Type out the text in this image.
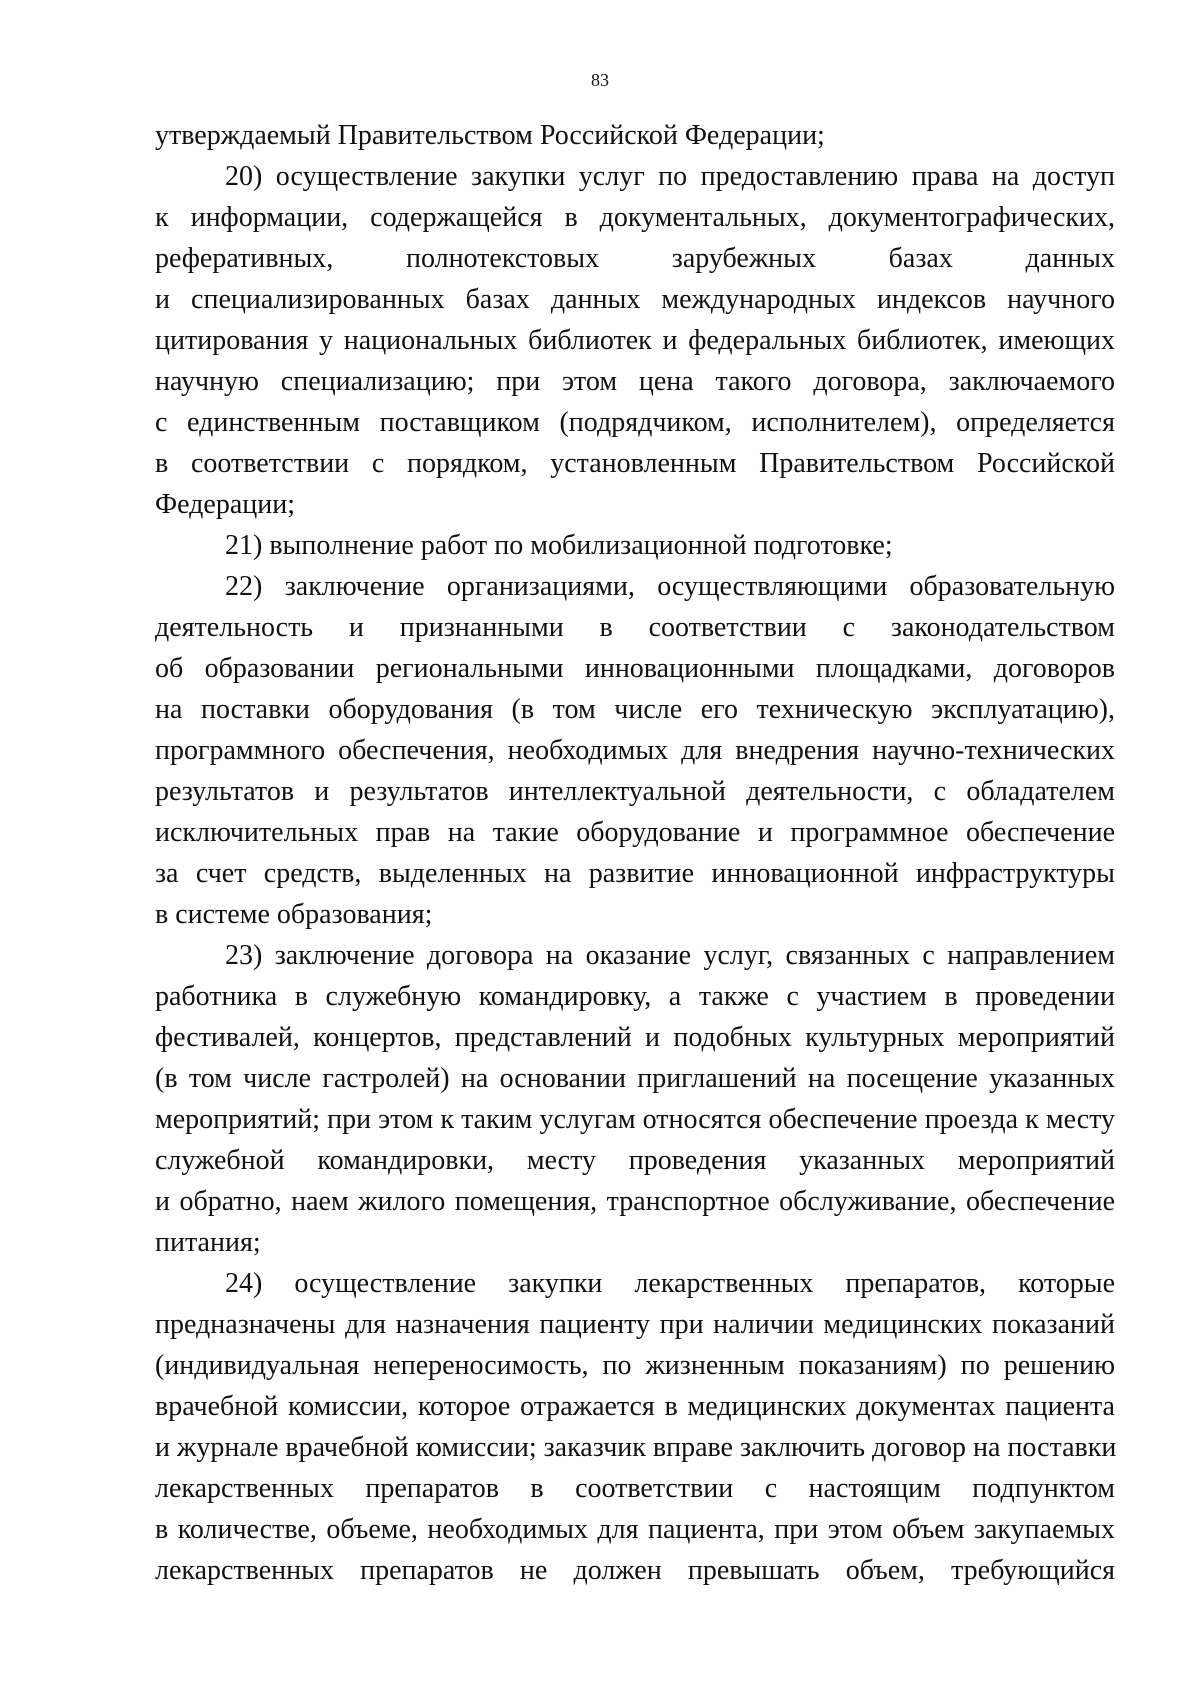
83
утверждаемый Правительством Российской Федерации;
20) осуществление закупки услуг по предоставлению права на доступ
к информации, содержащейся в документальных, документографических,
реферативных, полнотекстовых зарубежных базах данных
и специализированных базах данных международных индексов научного
цитирования у национальных библиотек и федеральных библиотек, имеющих
научную специализацию; при этом цена такого договора, заключаемого
с единственным поставщиком (подрядчиком, исполнителем), определяется
в соответствии с порядком, установленным Правительством Российской
Федерации;
21) выполнение работ по мобилизационной подготовке;
22) заключение организациями, осуществляющими образовательную
деятельность и признанными в соответствии с законодательством
об образовании региональными инновационными площадками, договоров
на поставки оборудования (в том числе его техническую эксплуатацию),
программного обеспечения, необходимых для внедрения научно-технических
результатов и результатов интеллектуальной деятельности, с обладателем
исключительных прав на такие оборудование и программное обеспечение
за счет средств, выделенных на развитие инновационной инфраструктуры
в системе образования;
23) заключение договора на оказание услуг, связанных с направлением
работника в служебную командировку, а также с участием в проведении
фестивалей, концертов, представлений и подобных культурных мероприятий
(в том числе гастролей) на основании приглашений на посещение указанных
мероприятий; при этом к таким услугам относятся обеспечение проезда к месту
служебной командировки, месту проведения указанных мероприятий
и обратно, наем жилого помещения, транспортное обслуживание, обеспечение
питания;
24) осуществление закупки лекарственных препаратов, которые
предназначены для назначения пациенту при наличии медицинских показаний
(индивидуальная непереносимость, по жизненным показаниям) по решению
врачебной комиссии, которое отражается в медицинских документах пациента
и журнале врачебной комиссии; заказчик вправе заключить договор на поставки
лекарственных препаратов в соответствии с настоящим подпунктом
в количестве, объеме, необходимых для пациента, при этом объем закупаемых
лекарственных препаратов не должен превышать объем, требующийся
